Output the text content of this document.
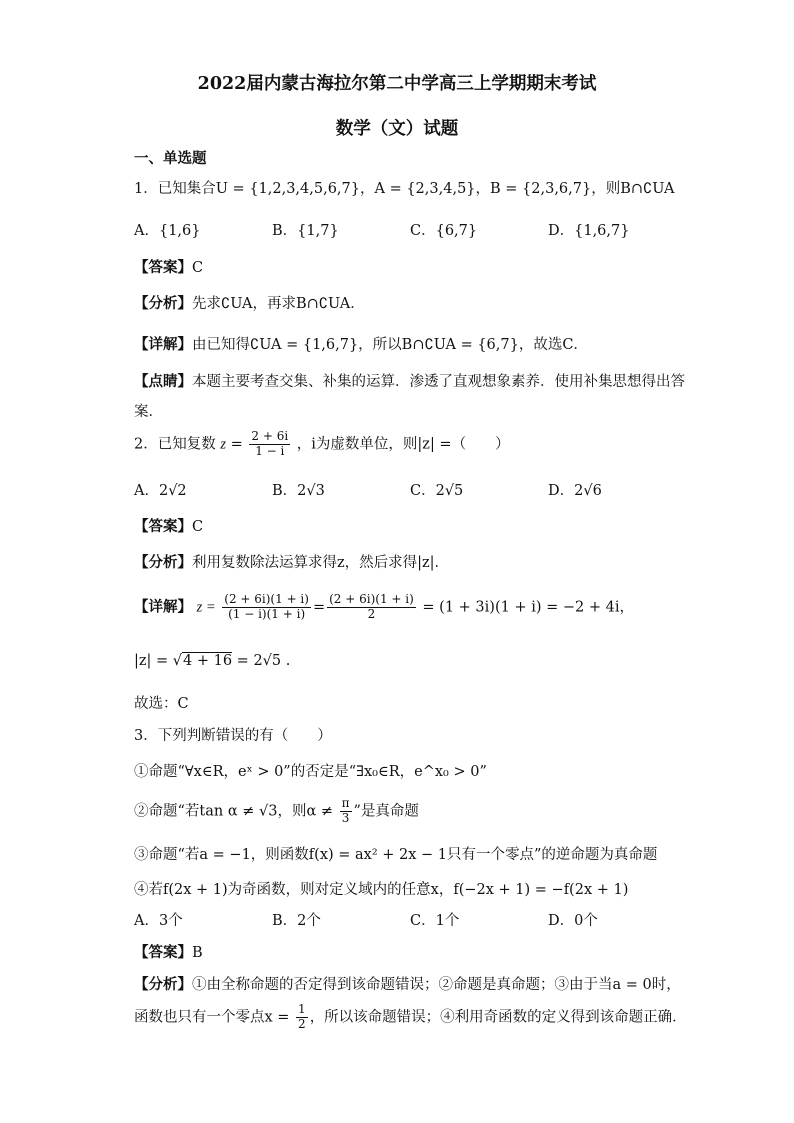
2022届内蒙古海拉尔第二中学高三上学期期末考试
数学（文）试题
一、单选题
1．已知集合U = {1,2,3,4,5,6,7}，A = {2,3,4,5}，B = {2,3,6,7}，则B∩∁UA
A．{1,6}	B．{1,7}	C．{6,7}	D．{1,6,7}
【答案】C
【分析】先求∁UA，再求B∩∁UA．
【详解】由已知得∁UA = {1,6,7}，所以B∩∁UA = {6,7}，故选C．
【点睛】本题主要考查交集、补集的运算．渗透了直观想象素养．使用补集思想得出答
案．
2．已知复数 $z = \frac{2 + 6i}{1 - i}$ ，i为虚数单位，则|z| =（　　）
A．2√2	B．2√3	C．2√5	D．2√6
【答案】C
【分析】利用复数除法运算求得z，然后求得|z|．
【详解】 $z = \frac{(2 + 6i)(1 + i)}{(1 - i)(1 + i)} = \frac{(2 + 6i)(1 + i)}{2} = (1 + 3i)(1 + i) = -2 + 4i$，
|z| = √4 + 16 = 2√5 .
故选：C
3．下列判断错误的有（　　）
①命题“∀x∈R，eˣ > 0”的否定是“∃x₀∈R，e^x₀ > 0”
②命题“若tan α ≠ √3，则$\alpha \ne \frac{\pi}{3}$ ”是真命题
③命题“若a = −1，则函数f(x) = ax² + 2x − 1只有一个零点”的逆命题为真命题
④若f(2x + 1)为奇函数，则对定义域内的任意x，f(−2x + 1) = −f(2x + 1)
A．3个	B．2个	C．1个	D．0个
【答案】B
【分析】①由全称命题的否定得到该命题错误；②命题是真命题；③由于当a = 0时，
函数也只有一个零点$x = \frac{1}{2}$ ，所以该命题错误；④利用奇函数的定义得到该命题正确．
